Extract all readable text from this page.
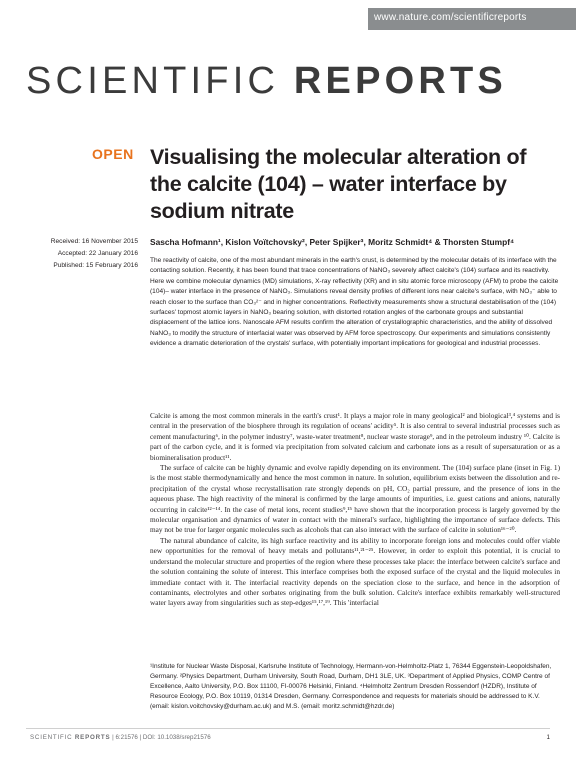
www.nature.com/scientificreports
SCIENTIFIC REPORTS
OPEN Visualising the molecular alteration of the calcite (104) – water interface by sodium nitrate
Received: 16 November 2015
Accepted: 22 January 2016
Published: 15 February 2016
Sascha Hofmann¹, Kislon Voïtchovsky², Peter Spijker³, Moritz Schmidt⁴ & Thorsten Stumpf⁴

The reactivity of calcite, one of the most abundant minerals in the earth's crust, is determined by the molecular details of its interface with the contacting solution. Recently, it has been found that trace concentrations of NaNO₃ severely affect calcite's (104) surface and its reactivity. Here we combine molecular dynamics (MD) simulations, X-ray reflectivity (XR) and in situ atomic force microscopy (AFM) to probe the calcite (104)– water interface in the presence of NaNO₃. Simulations reveal density profiles of different ions near calcite's surface, with NO₃⁻ able to reach closer to the surface than CO₃²⁻ and in higher concentrations. Reflectivity measurements show a structural destabilisation of the (104) surfaces' topmost atomic layers in NaNO₃ bearing solution, with distorted rotation angles of the carbonate groups and substantial displacement of the lattice ions. Nanoscale AFM results confirm the alteration of crystallographic characteristics, and the ability of dissolved NaNO₃ to modify the structure of interfacial water was observed by AFM force spectroscopy. Our experiments and simulations consistently evidence a dramatic deterioration of the crystals' surface, with potentially important implications for geological and industrial processes.

Calcite is among the most common minerals in the earth's crust¹. It plays a major role in many geological² and biological³,⁴ systems and is central in the preservation of the biosphere through its regulation of oceans' acidity⁵. It is also central to several industrial processes such as cement manufacturing⁶, in the polymer industry⁷, waste-water treatment⁸, nuclear waste storage⁹, and in the petroleum industry ¹⁰. Calcite is part of the carbon cycle, and it is formed via precipitation from solvated calcium and carbonate ions as a result of supersaturation or as a biomineralisation product¹¹.

The surface of calcite can be highly dynamic and evolve rapidly depending on its environment. The (104) surface plane (inset in Fig. 1) is the most stable thermodynamically and hence the most common in nature. In solution, equilibrium exists between the dissolution and re-precipitation of the crystal whose recrystallisation rate strongly depends on pH, CO₂ partial pressure, and the presence of ions in the aqueous phase. The high reactivity of the mineral is confirmed by the large amounts of impurities, i.e. guest cations and anions, naturally occurring in calcite¹²⁻¹⁴. In the case of metal ions, recent studies⁹,¹⁵ have shown that the incorporation process is largely governed by the molecular organisation and dynamics of water in contact with the mineral's surface, highlighting the importance of surface defects. This may not be true for larger organic molecules such as alcohols that can also interact with the surface of calcite in solution¹⁶⁻²⁰.

The natural abundance of calcite, its high surface reactivity and its ability to incorporate foreign ions and molecules could offer viable new opportunities for the removal of heavy metals and pollutants¹¹,²¹⁻²⁵. However, in order to exploit this potential, it is crucial to understand the molecular structure and properties of the region where these processes take place: the interface between calcite's surface and the solution containing the solute of interest. This interface comprises both the exposed surface of the crystal and the liquid molecules in immediate contact with it. The interfacial reactivity depends on the speciation close to the surface, and hence in the adsorption of contaminants, electrolytes and other sorbates originating from the bulk solution. Calcite's interface exhibits remarkably well-structured water layers away from singularities such as step-edges¹⁵,¹⁷,¹⁹. This 'interfacial

¹Institute for Nuclear Waste Disposal, Karlsruhe Institute of Technology, Hermann-von-Helmholtz-Platz 1, 76344 Eggenstein-Leopoldshafen, Germany. ²Physics Department, Durham University, South Road, Durham, DH1 3LE, UK. ³Department of Applied Physics, COMP Centre of Excellence, Aalto University, P.O. Box 11100, FI-00076 Helsinki, Finland. ⁴Helmholtz Zentrum Dresden Rossendorf (HZDR), Institute of Resource Ecology, P.O. Box 10119, 01314 Dresden, Germany. Correspondence and requests for materials should be addressed to K.V. (email: kislon.voitchovsky@durham.ac.uk) and M.S. (email: moritz.schmidt@hzdr.de)

SCIENTIFIC REPORTS | 6:21576 | DOI: 10.1038/srep21576	1
